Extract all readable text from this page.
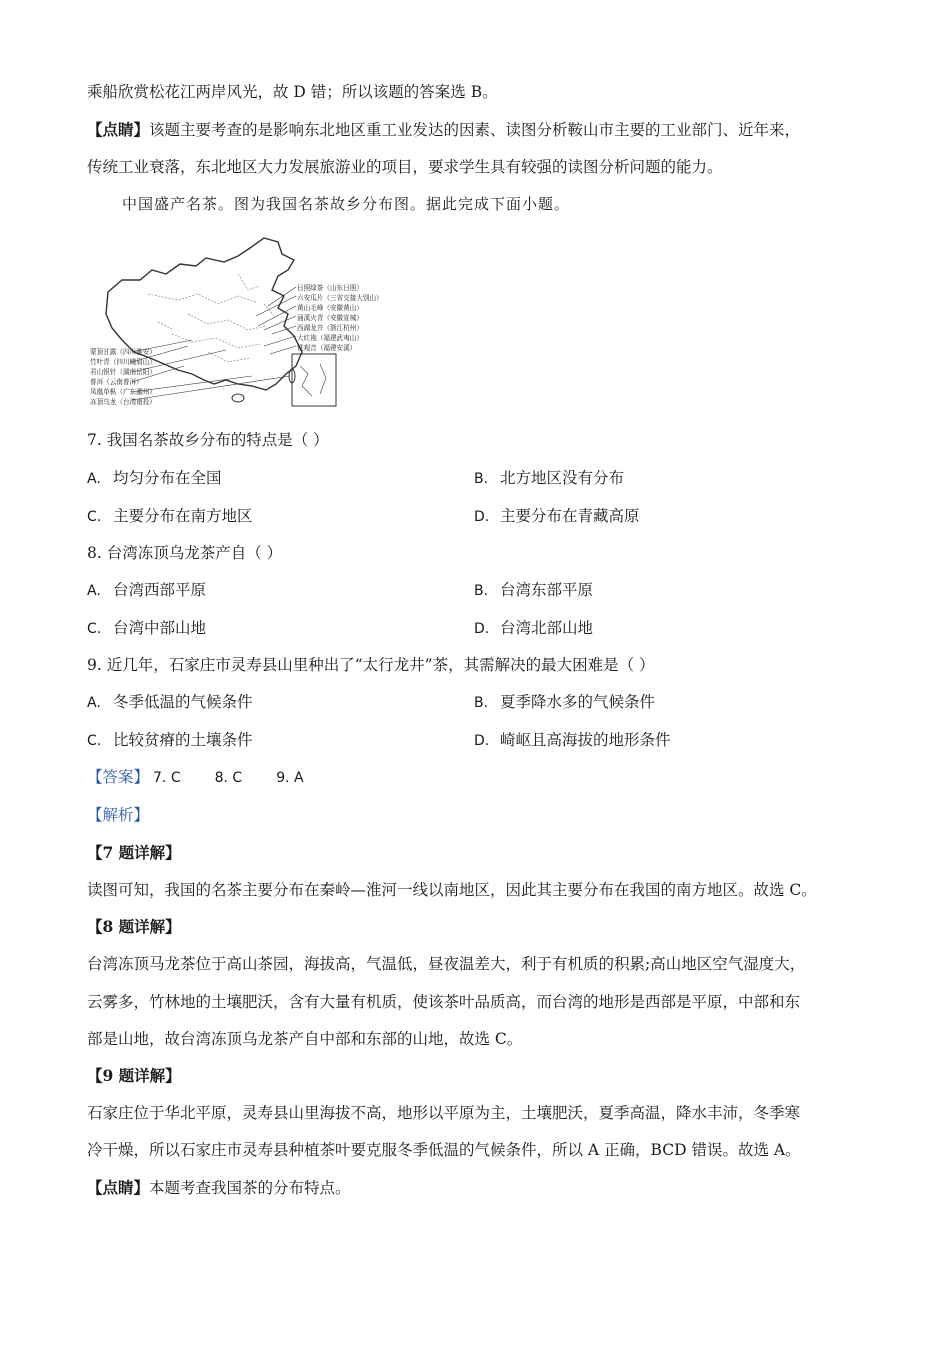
乘船欣赏松花江两岸风光，故 D 错；所以该题的答案选 B。
【点睛】该题主要考查的是影响东北地区重工业发达的因素、读图分析鞍山市主要的工业部门、近年来，
传统工业衰落，东北地区大力发展旅游业的项目，要求学生具有较强的读图分析问题的能力。
中国盛产名茶。图为我国名茶故乡分布图。据此完成下面小题。
日照绿茶（山东日照）
六安瓜片（三省交接大别山）
黄山毛峰（安徽黄山）
涌溪火青（安徽宣城）
西湖龙井（浙江杭州）
大红袍（福建武夷山）
铁观音（福建安溪）
蒙顶甘露（四川雅安）
竹叶青（四川峨眉山）
君山银针（湖南岳阳）
普洱（云南普洱）
凤凰单枞（广东潮州）
冻顶乌龙（台湾南投）
7. 我国名茶故乡分布的特点是（ ）
A. 均匀分布在全国	B. 北方地区没有分布
C. 主要分布在南方地区	D. 主要分布在青藏高原
8. 台湾冻顶乌龙茶产自（ ）
A. 台湾西部平原	B. 台湾东部平原
C. 台湾中部山地	D. 台湾北部山地
9. 近几年，石家庄市灵寿县山里种出了“太行龙井”茶，其需解决的最大困难是（ ）
A. 冬季低温的气候条件	B. 夏季降水多的气候条件
C. 比较贫瘠的土壤条件	D. 崎岖且高海拔的地形条件
【答案】 7. C 8. C 9. A
【解析】
【7 题详解】
读图可知，我国的名茶主要分布在秦岭—淮河一线以南地区，因此其主要分布在我国的南方地区。故选 C。
【8 题详解】
台湾冻顶马龙茶位于高山茶园，海拔高，气温低，昼夜温差大，利于有机质的积累;高山地区空气湿度大，
云雾多，竹林地的土壤肥沃，含有大量有机质，使该茶叶品质高，而台湾的地形是西部是平原，中部和东
部是山地，故台湾冻顶乌龙茶产自中部和东部的山地，故选 C。
【9 题详解】
石家庄位于华北平原，灵寿县山里海拔不高，地形以平原为主，土壤肥沃，夏季高温，降水丰沛，冬季寒
冷干燥，所以石家庄市灵寿县种植茶叶要克服冬季低温的气候条件，所以 A 正确，BCD 错误。故选 A。
【点睛】本题考查我国茶的分布特点。
